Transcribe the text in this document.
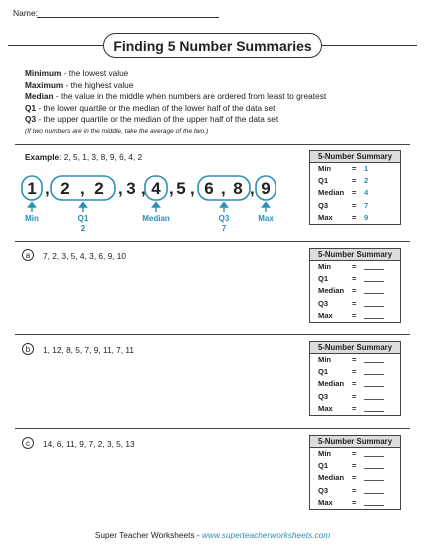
Name:
Finding 5 Number Summaries
Minimum - the lowest value
Maximum - the highest value
Median - the value in the middle when numbers are ordered from least to greatest
Q1 - the lower quartile or the median of the lower half of the data set
Q3 - the upper quartile or the median of the upper half of the data set
(If two numbers are in the middle, take the average of the two.)
Example: 2, 5, 1, 3, 8, 9, 6, 4, 2
1 , 2 , 2 , 3 , 4 , 5 , 6 , 8 , 9
Min	Q1
2
Median	Q3
7
Max
5-Number Summary
Min	= 1
Q1	= 2
Median	= 4
Q3	= 7
Max	= 9
a	7, 2, 3, 5, 4, 3, 6, 9, 10	5-Number Summary
Min	=
Q1	=
Median	=
Q3	=
Max	=
b	1, 12, 8, 5, 7, 9, 11, 7, 11	5-Number Summary
Min	=
Q1	=
Median	=
Q3	=
Max	=
c	14, 6, 11, 9, 7, 2, 3, 5, 13	5-Number Summary
Min	=
Q1	=
Median	=
Q3	=
Max	=
Super Teacher Worksheets - www.superteacherworksheets.com
